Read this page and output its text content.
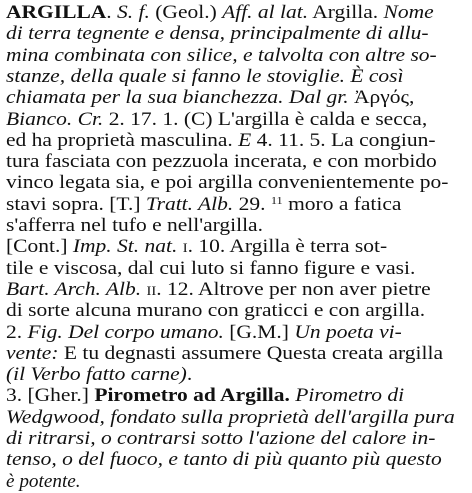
ARGILLA. S. f. (Geol.) Aff. al lat. Argilla. Nome
di terra tegnente e densa, principalmente di allu-
mina combinata con silice, e talvolta con altre so-
stanze, della quale si fanno le stoviglie. È così
chiamata per la sua bianchezza. Dal gr. Ἀργός,
Bianco. Cr. 2. 17. 1. (C) L'argilla è calda e secca,
ed ha proprietà masculina. E 4. 11. 5. La congiun-
tura fasciata con pezzuola incerata, e con morbido
vinco legata sia, e poi argilla convenientemente po-
stavi sopra. [T.] Tratt. Alb. 29. $^{11}$ moro a fatica
s'afferra nel tufo e nell'argilla.
[Cont.] Imp. St. nat. i. 10. Argilla è terra sot-
tile e viscosa, dal cui luto si fanno figure e vasi.
Bart. Arch. Alb. ii. 12. Altrove per non aver pietre
di sorte alcuna murano con graticci e con argilla.
2. Fig. Del corpo umano. [G.M.] Un poeta vi-
vente: E tu degnasti assumere Questa creata argilla
(il Verbo fatto carne).
3. [Gher.] Pirometro ad Argilla. Pirometro di
Wedgwood, fondato sulla proprietà dell'argilla pura
di ritrarsi, o contrarsi sotto l'azione del calore in-
tenso, o del fuoco, e tanto di più quanto più questo
è potente.
